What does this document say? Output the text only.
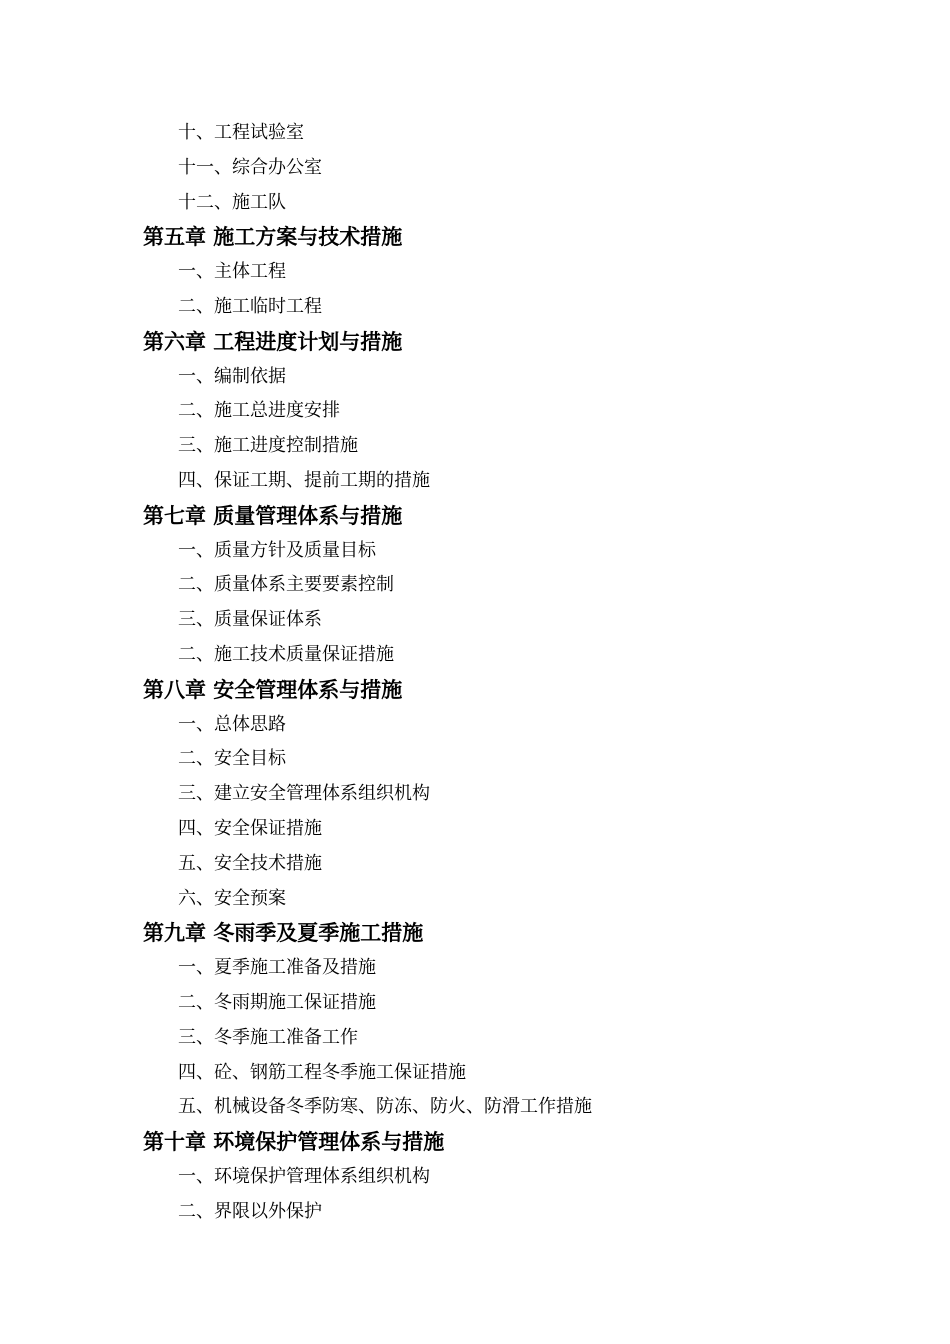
十、工程试验室
十一、综合办公室
十二、施工队
第五章 施工方案与技术措施
一、主体工程
二、施工临时工程
第六章 工程进度计划与措施
一、编制依据
二、施工总进度安排
三、施工进度控制措施
四、保证工期、提前工期的措施
第七章 质量管理体系与措施
一、质量方针及质量目标
二、质量体系主要要素控制
三、质量保证体系
二、施工技术质量保证措施
第八章 安全管理体系与措施
一、总体思路
二、安全目标
三、建立安全管理体系组织机构
四、安全保证措施
五、安全技术措施
六、安全预案
第九章 冬雨季及夏季施工措施
一、夏季施工准备及措施
二、冬雨期施工保证措施
三、冬季施工准备工作
四、砼、钢筋工程冬季施工保证措施
五、机械设备冬季防寒、防冻、防火、防滑工作措施
第十章 环境保护管理体系与措施
一、环境保护管理体系组织机构
二、界限以外保护
